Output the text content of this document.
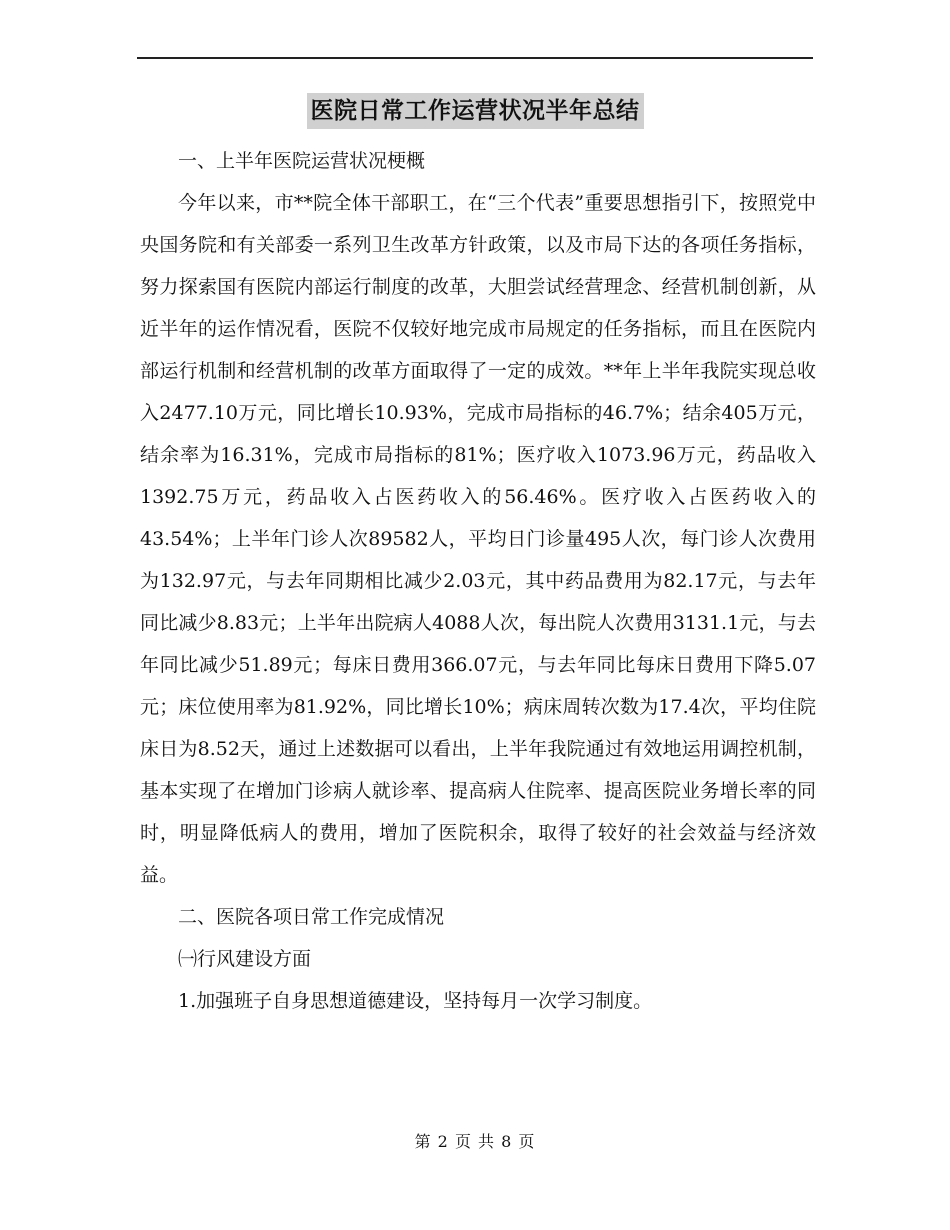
医院日常工作运营状况半年总结

一、上半年医院运营状况梗概

今年以来，市**院全体干部职工，在“三个代表”重要思想指引下，按照党中央国务院和有关部委一系列卫生改革方针政策，以及市局下达的各项任务指标，努力探索国有医院内部运行制度的改革，大胆尝试经营理念、经营机制创新，从近半年的运作情况看，医院不仅较好地完成市局规定的任务指标，而且在医院内部运行机制和经营机制的改革方面取得了一定的成效。**年上半年我院实现总收入2477.10万元，同比增长10.93%，完成市局指标的46.7%；结余405万元，结余率为16.31%，完成市局指标的81%；医疗收入1073.96万元，药品收入1392.75万元，药品收入占医药收入的56.46%。医疗收入占医药收入的43.54%；上半年门诊人次89582人，平均日门诊量495人次，每门诊人次费用为132.97元，与去年同期相比减少2.03元，其中药品费用为82.17元，与去年同比减少8.83元；上半年出院病人4088人次，每出院人次费用3131.1元，与去年同比减少51.89元；每床日费用366.07元，与去年同比每床日费用下降5.07元；床位使用率为81.92%，同比增长10%；病床周转次数为17.4次，平均住院床日为8.52天，通过上述数据可以看出，上半年我院通过有效地运用调控机制，基本实现了在增加门诊病人就诊率、提高病人住院率、提高医院业务增长率的同时，明显降低病人的费用，增加了医院积余，取得了较好的社会效益与经济效益。

二、医院各项日常工作完成情况

㈠行风建设方面

1.加强班子自身思想道德建设，坚持每月一次学习制度。

第 2 页 共 8 页
